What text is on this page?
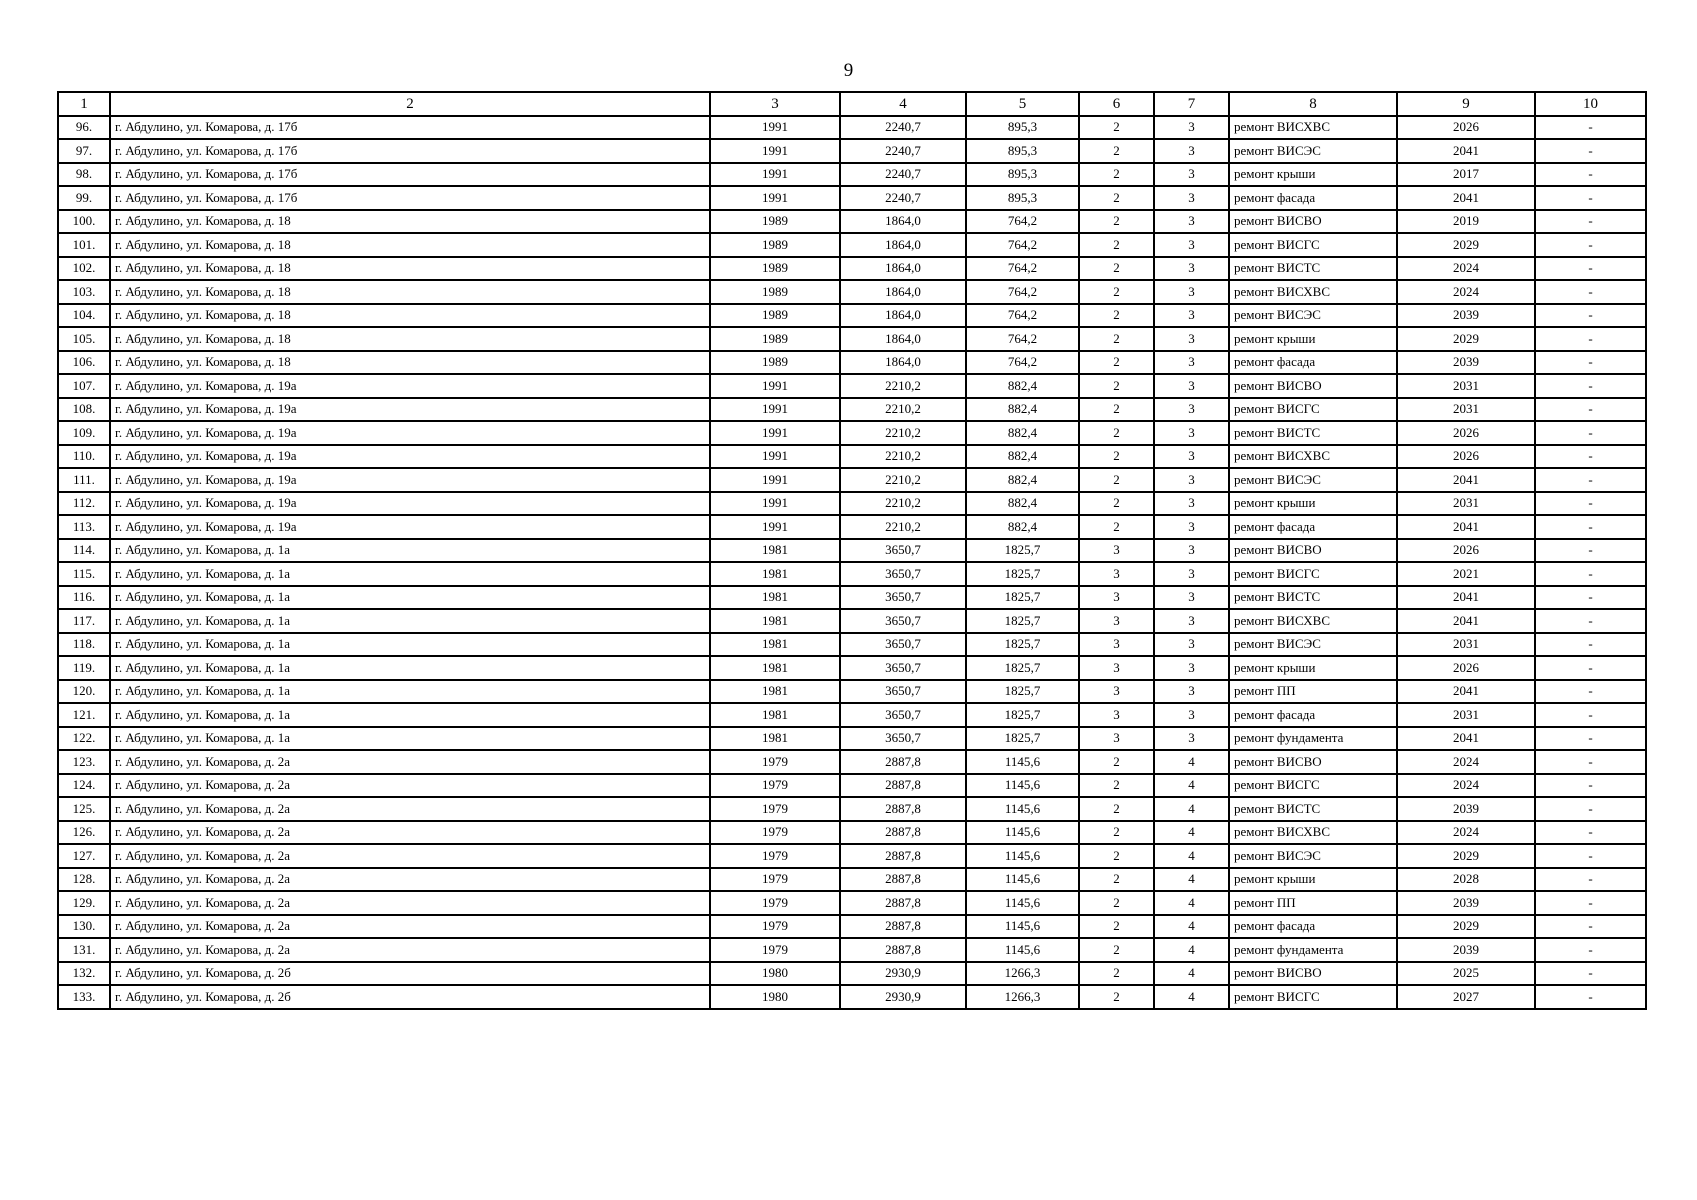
9
1	2	3	4	5	6	7	8	9	10
96.	г. Абдулино, ул. Комарова, д. 17б	1991	2240,7	895,3	2	3	ремонт ВИСХВС	2026	-
97.	г. Абдулино, ул. Комарова, д. 17б	1991	2240,7	895,3	2	3	ремонт ВИСЭС	2041	-
98.	г. Абдулино, ул. Комарова, д. 17б	1991	2240,7	895,3	2	3	ремонт крыши	2017	-
99.	г. Абдулино, ул. Комарова, д. 17б	1991	2240,7	895,3	2	3	ремонт фасада	2041	-
100.	г. Абдулино, ул. Комарова, д. 18	1989	1864,0	764,2	2	3	ремонт ВИСВО	2019	-
101.	г. Абдулино, ул. Комарова, д. 18	1989	1864,0	764,2	2	3	ремонт ВИСГС	2029	-
102.	г. Абдулино, ул. Комарова, д. 18	1989	1864,0	764,2	2	3	ремонт ВИСТС	2024	-
103.	г. Абдулино, ул. Комарова, д. 18	1989	1864,0	764,2	2	3	ремонт ВИСХВС	2024	-
104.	г. Абдулино, ул. Комарова, д. 18	1989	1864,0	764,2	2	3	ремонт ВИСЭС	2039	-
105.	г. Абдулино, ул. Комарова, д. 18	1989	1864,0	764,2	2	3	ремонт крыши	2029	-
106.	г. Абдулино, ул. Комарова, д. 18	1989	1864,0	764,2	2	3	ремонт фасада	2039	-
107.	г. Абдулино, ул. Комарова, д. 19а	1991	2210,2	882,4	2	3	ремонт ВИСВО	2031	-
108.	г. Абдулино, ул. Комарова, д. 19а	1991	2210,2	882,4	2	3	ремонт ВИСГС	2031	-
109.	г. Абдулино, ул. Комарова, д. 19а	1991	2210,2	882,4	2	3	ремонт ВИСТС	2026	-
110.	г. Абдулино, ул. Комарова, д. 19а	1991	2210,2	882,4	2	3	ремонт ВИСХВС	2026	-
111.	г. Абдулино, ул. Комарова, д. 19а	1991	2210,2	882,4	2	3	ремонт ВИСЭС	2041	-
112.	г. Абдулино, ул. Комарова, д. 19а	1991	2210,2	882,4	2	3	ремонт крыши	2031	-
113.	г. Абдулино, ул. Комарова, д. 19а	1991	2210,2	882,4	2	3	ремонт фасада	2041	-
114.	г. Абдулино, ул. Комарова, д. 1а	1981	3650,7	1825,7	3	3	ремонт ВИСВО	2026	-
115.	г. Абдулино, ул. Комарова, д. 1а	1981	3650,7	1825,7	3	3	ремонт ВИСГС	2021	-
116.	г. Абдулино, ул. Комарова, д. 1а	1981	3650,7	1825,7	3	3	ремонт ВИСТС	2041	-
117.	г. Абдулино, ул. Комарова, д. 1а	1981	3650,7	1825,7	3	3	ремонт ВИСХВС	2041	-
118.	г. Абдулино, ул. Комарова, д. 1а	1981	3650,7	1825,7	3	3	ремонт ВИСЭС	2031	-
119.	г. Абдулино, ул. Комарова, д. 1а	1981	3650,7	1825,7	3	3	ремонт крыши	2026	-
120.	г. Абдулино, ул. Комарова, д. 1а	1981	3650,7	1825,7	3	3	ремонт ПП	2041	-
121.	г. Абдулино, ул. Комарова, д. 1а	1981	3650,7	1825,7	3	3	ремонт фасада	2031	-
122.	г. Абдулино, ул. Комарова, д. 1а	1981	3650,7	1825,7	3	3	ремонт фундамента	2041	-
123.	г. Абдулино, ул. Комарова, д. 2а	1979	2887,8	1145,6	2	4	ремонт ВИСВО	2024	-
124.	г. Абдулино, ул. Комарова, д. 2а	1979	2887,8	1145,6	2	4	ремонт ВИСГС	2024	-
125.	г. Абдулино, ул. Комарова, д. 2а	1979	2887,8	1145,6	2	4	ремонт ВИСТС	2039	-
126.	г. Абдулино, ул. Комарова, д. 2а	1979	2887,8	1145,6	2	4	ремонт ВИСХВС	2024	-
127.	г. Абдулино, ул. Комарова, д. 2а	1979	2887,8	1145,6	2	4	ремонт ВИСЭС	2029	-
128.	г. Абдулино, ул. Комарова, д. 2а	1979	2887,8	1145,6	2	4	ремонт крыши	2028	-
129.	г. Абдулино, ул. Комарова, д. 2а	1979	2887,8	1145,6	2	4	ремонт ПП	2039	-
130.	г. Абдулино, ул. Комарова, д. 2а	1979	2887,8	1145,6	2	4	ремонт фасада	2029	-
131.	г. Абдулино, ул. Комарова, д. 2а	1979	2887,8	1145,6	2	4	ремонт фундамента	2039	-
132.	г. Абдулино, ул. Комарова, д. 2б	1980	2930,9	1266,3	2	4	ремонт ВИСВО	2025	-
133.	г. Абдулино, ул. Комарова, д. 2б	1980	2930,9	1266,3	2	4	ремонт ВИСГС	2027	-
